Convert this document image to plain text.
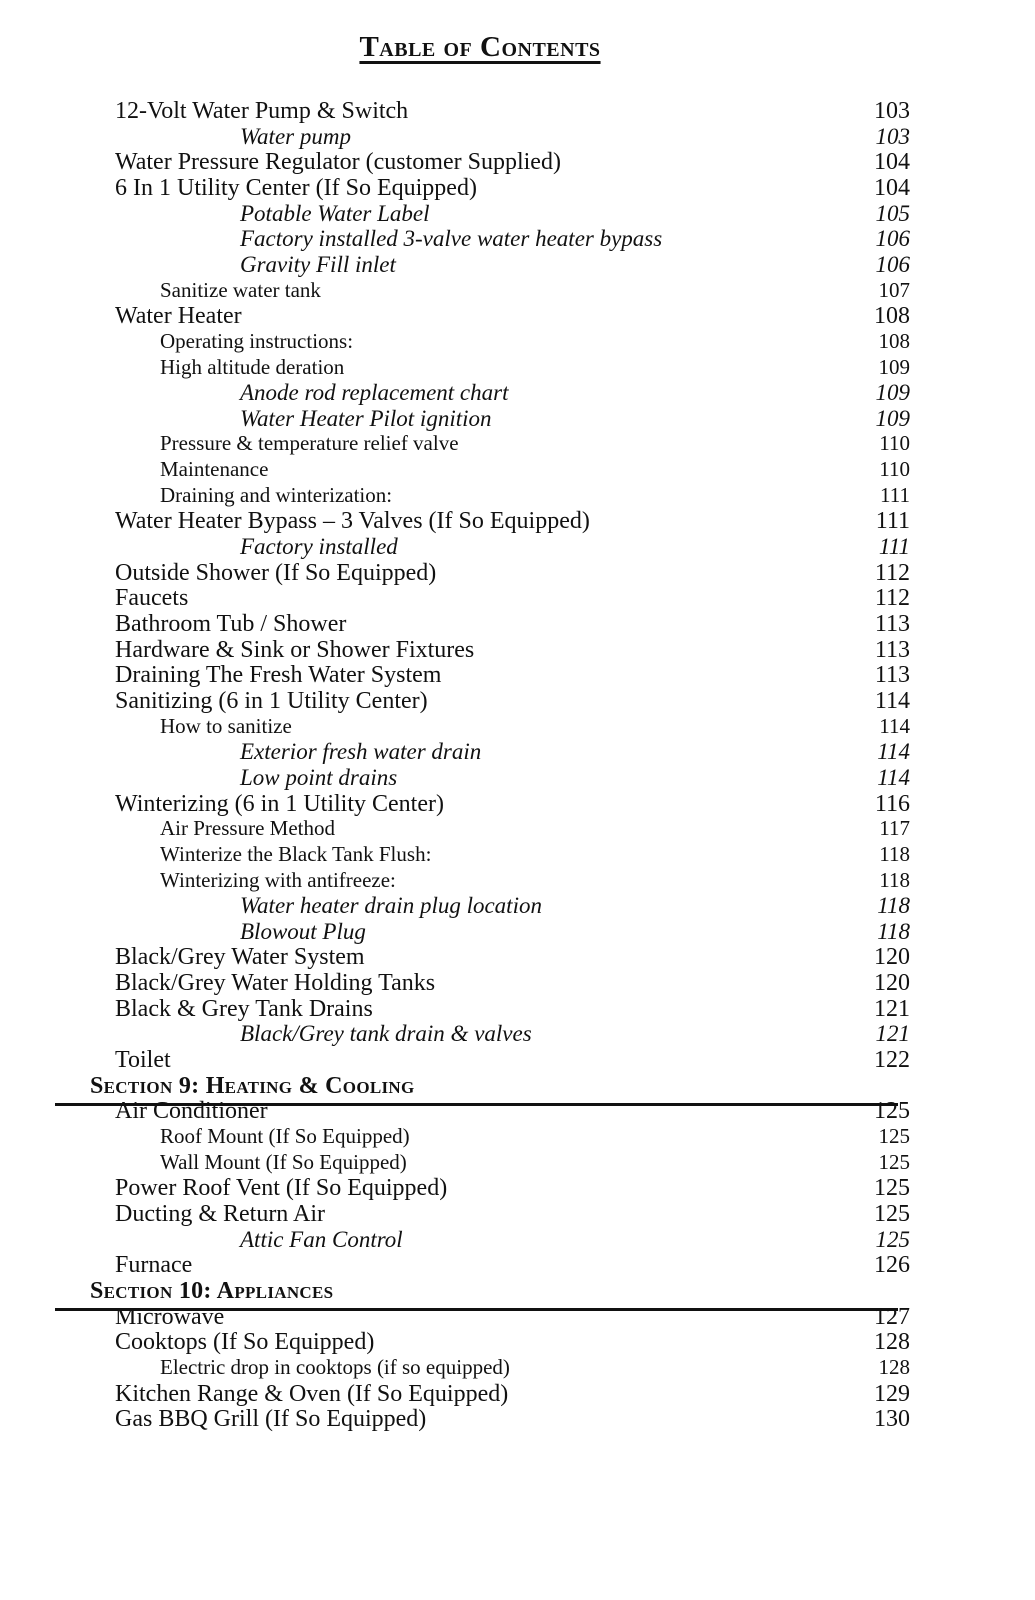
Table of Contents
12-Volt Water Pump & Switch	103
Water pump	103
Water Pressure Regulator (customer Supplied)	104
6 In 1 Utility Center (If So Equipped)	104
Potable Water Label	105
Factory installed 3-valve water heater bypass	106
Gravity Fill inlet	106
Sanitize water tank	107
Water Heater	108
Operating instructions:	108
High altitude deration	109
Anode rod replacement chart	109
Water Heater Pilot ignition	109
Pressure & temperature relief valve	110
Maintenance	110
Draining and winterization:	111
Water Heater Bypass – 3 Valves (If So Equipped)	111
Factory installed	111
Outside Shower (If So Equipped)	112
Faucets	112
Bathroom Tub / Shower	113
Hardware & Sink or Shower Fixtures	113
Draining The Fresh Water System	113
Sanitizing (6 in 1 Utility Center)	114
How to sanitize	114
Exterior fresh water drain	114
Low point drains	114
Winterizing (6 in 1 Utility Center)	116
Air Pressure Method	117
Winterize the Black Tank Flush:	118
Winterizing with antifreeze:	118
Water heater drain plug location	118
Blowout Plug	118
Black/Grey Water System	120
Black/Grey Water Holding Tanks	120
Black & Grey Tank Drains	121
Black/Grey tank drain & valves	121
Toilet	122
Section 9: Heating & Cooling
Air Conditioner	125
Roof Mount (If So Equipped)	125
Wall Mount (If So Equipped)	125
Power Roof Vent (If So Equipped)	125
Ducting & Return Air	125
Attic Fan Control	125
Furnace	126
Section 10: Appliances
Microwave	127
Cooktops (If So Equipped)	128
Electric drop in cooktops (if so equipped)	128
Kitchen Range & Oven (If So Equipped)	129
Gas BBQ Grill (If So Equipped)	130
